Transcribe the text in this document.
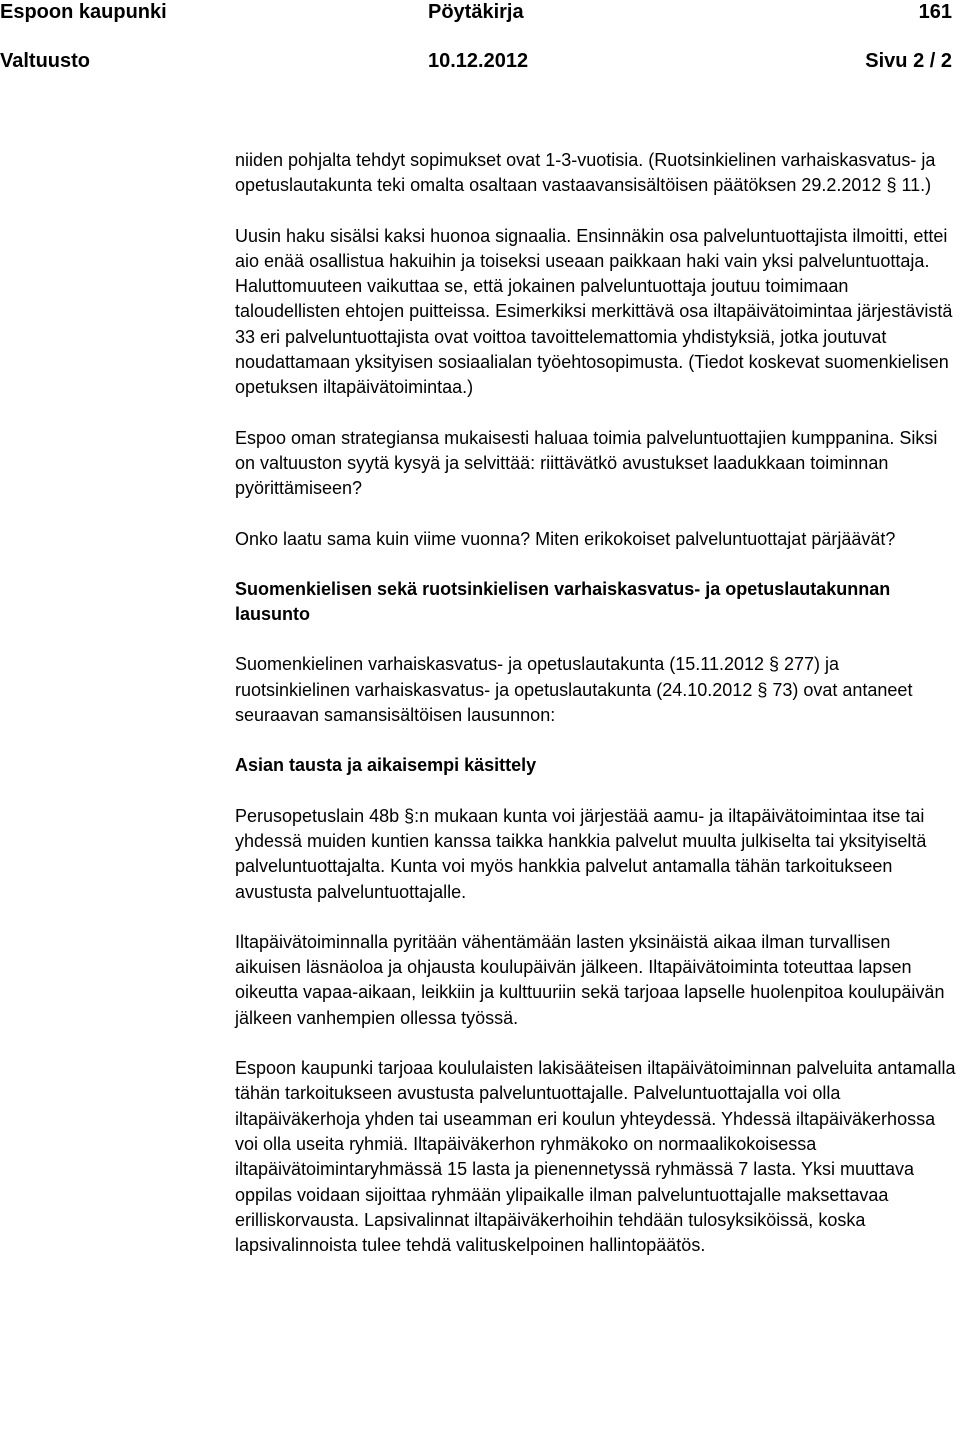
Espoon kaupunki	Pöytäkirja	161
Valtuusto	10.12.2012	Sivu 2 / 2

niiden pohjalta tehdyt sopimukset ovat 1-3-vuotisia. (Ruotsinkielinen varhaiskasvatus- ja opetuslautakunta teki omalta osaltaan vastaavansisältöisen päätöksen 29.2.2012 § 11.)

Uusin haku sisälsi kaksi huonoa signaalia. Ensinnäkin osa palveluntuottajista ilmoitti, ettei aio enää osallistua hakuihin ja toiseksi useaan paikkaan haki vain yksi palveluntuottaja. Haluttomuuteen vaikuttaa se, että jokainen palveluntuottaja joutuu toimimaan taloudellisten ehtojen puitteissa. Esimerkiksi merkittävä osa iltapäivätoimintaa järjestävistä 33 eri palveluntuottajista ovat voittoa tavoittelemattomia yhdistyksiä, jotka joutuvat noudattamaan yksityisen sosiaalialan työehtosopimusta. (Tiedot koskevat suomenkielisen opetuksen iltapäivätoimintaa.)

Espoo oman strategiansa mukaisesti haluaa toimia palveluntuottajien kumppanina. Siksi on valtuuston syytä kysyä ja selvittää: riittävätkö avustukset laadukkaan toiminnan pyörittämiseen?

Onko laatu sama kuin viime vuonna? Miten erikokoiset palveluntuottajat pärjäävät?

Suomenkielisen sekä ruotsinkielisen varhaiskasvatus- ja opetuslautakunnan lausunto

Suomenkielinen varhaiskasvatus- ja opetuslautakunta (15.11.2012 § 277) ja ruotsinkielinen varhaiskasvatus- ja opetuslautakunta (24.10.2012 § 73) ovat antaneet seuraavan samansisältöisen lausunnon:

Asian tausta ja aikaisempi käsittely

Perusopetuslain 48b §:n mukaan kunta voi järjestää aamu- ja iltapäivätoimintaa itse tai yhdessä muiden kuntien kanssa taikka hankkia palvelut muulta julkiselta tai yksityiseltä palveluntuottajalta. Kunta voi myös hankkia palvelut antamalla tähän tarkoitukseen avustusta palveluntuottajalle.

Iltapäivätoiminnalla pyritään vähentämään lasten yksinäistä aikaa ilman turvallisen aikuisen läsnäoloa ja ohjausta koulupäivän jälkeen. Iltapäivätoiminta toteuttaa lapsen oikeutta vapaa-aikaan, leikkiin ja kulttuuriin sekä tarjoaa lapselle huolenpitoa koulupäivän jälkeen vanhempien ollessa työssä.

Espoon kaupunki tarjoaa koululaisten lakisääteisen iltapäivätoiminnan palveluita antamalla tähän tarkoitukseen avustusta palveluntuottajalle. Palveluntuottajalla voi olla iltapäiväkerhoja yhden tai useamman eri koulun yhteydessä. Yhdessä iltapäiväkerhossa voi olla useita ryhmiä. Iltapäiväkerhon ryhmäkoko on normaalikokoisessa iltapäivätoimintaryhmässä 15 lasta ja pienennetyssä ryhmässä 7 lasta. Yksi muuttava oppilas voidaan sijoittaa ryhmään ylipaikalle ilman palveluntuottajalle maksettavaa erilliskorvausta. Lapsivalinnat iltapäiväkerhoihin tehdään tulosyksiköissä, koska lapsivalinnoista tulee tehdä valituskelpoinen hallintopäätös.
